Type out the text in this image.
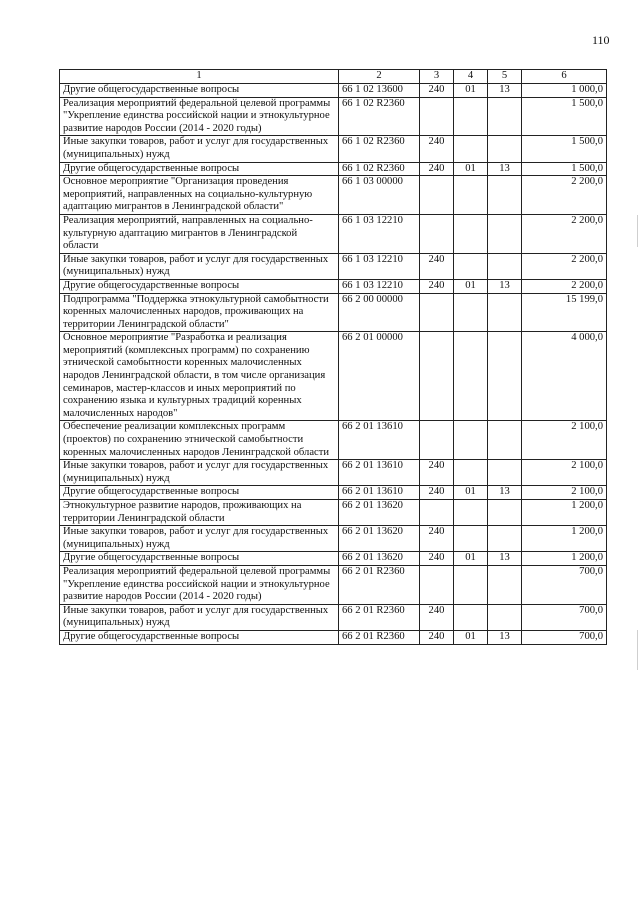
110
1	2	3	4	5	6
Другие общегосударственные вопросы	66 1 02 13600	240	01	13	1 000,0
Реализация мероприятий федеральной целевой программы "Укрепление единства российской нации и этнокультурное развитие народов России (2014 - 2020 годы)	66 1 02 R2360				1 500,0
Иные закупки товаров, работ и услуг для государственных (муниципальных) нужд	66 1 02 R2360	240			1 500,0
Другие общегосударственные вопросы	66 1 02 R2360	240	01	13	1 500,0
Основное мероприятие "Организация проведения мероприятий, направленных на социально-культурную адаптацию мигрантов в Ленинградской области"	66 1 03 00000				2 200,0
Реализация мероприятий, направленных на социально-культурную адаптацию мигрантов в Ленинградской области	66 1 03 12210				2 200,0
Иные закупки товаров, работ и услуг для государственных (муниципальных) нужд	66 1 03 12210	240			2 200,0
Другие общегосударственные вопросы	66 1 03 12210	240	01	13	2 200,0
Подпрограмма "Поддержка этнокультурной самобытности коренных малочисленных народов, проживающих на территории Ленинградской области"	66 2 00 00000				15 199,0
Основное мероприятие "Разработка и реализация мероприятий (комплексных программ) по сохранению этнической самобытности коренных малочисленных народов Ленинградской области, в том числе организация семинаров, мастер-классов и иных мероприятий по сохранению языка и культурных традиций коренных малочисленных народов"	66 2 01 00000				4 000,0
Обеспечение реализации комплексных программ (проектов) по сохранению этнической самобытности коренных малочисленных народов Ленинградской области	66 2 01 13610				2 100,0
Иные закупки товаров, работ и услуг для государственных (муниципальных) нужд	66 2 01 13610	240			2 100,0
Другие общегосударственные вопросы	66 2 01 13610	240	01	13	2 100,0
Этнокультурное развитие народов, проживающих на территории Ленинградской области	66 2 01 13620				1 200,0
Иные закупки товаров, работ и услуг для государственных (муниципальных) нужд	66 2 01 13620	240			1 200,0
Другие общегосударственные вопросы	66 2 01 13620	240	01	13	1 200,0
Реализация мероприятий федеральной целевой программы "Укрепление единства российской нации и этнокультурное развитие народов России (2014 - 2020 годы)	66 2 01 R2360				700,0
Иные закупки товаров, работ и услуг для государственных (муниципальных) нужд	66 2 01 R2360	240			700,0
Другие общегосударственные вопросы	66 2 01 R2360	240	01	13	700,0
